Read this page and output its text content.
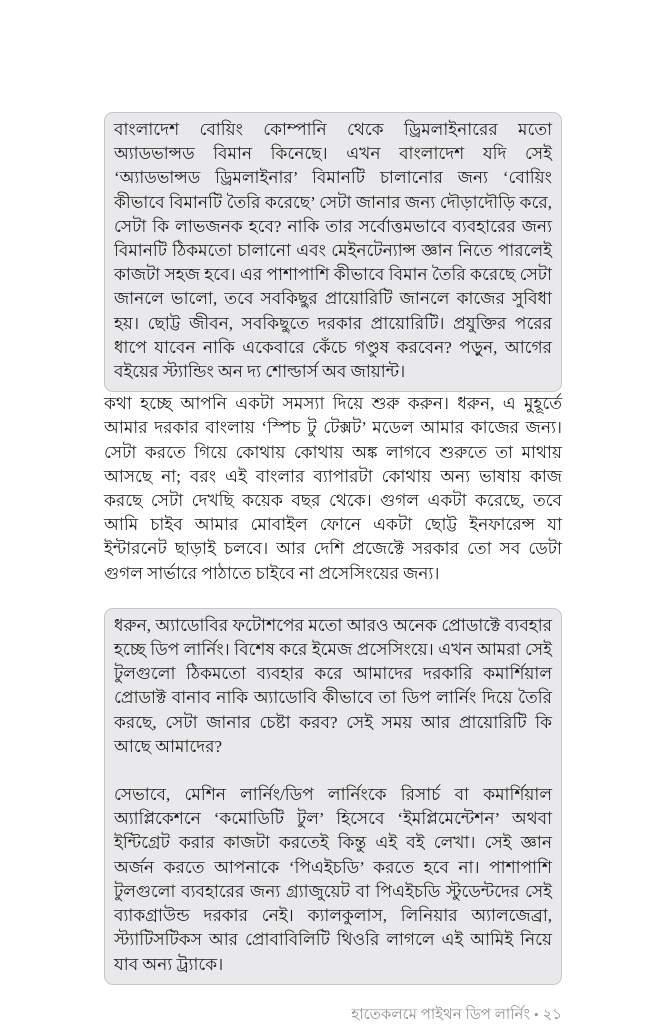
বাংলাদেশ বোয়িং কোম্পানি থেকে ড্রিমলাইনারের মতো অ্যাডভান্সড বিমান কিনেছে। এখন বাংলাদেশ যদি সেই ‘অ্যাডভান্সড ড্রিমলাইনার’ বিমানটি চালানোর জন্য ‘বোয়িং কীভাবে বিমানটি তৈরি করেছে’ সেটা জানার জন্য দৌড়াদৌড়ি করে, সেটা কি লাভজনক হবে? নাকি তার সর্বোত্তমভাবে ব্যবহারের জন্য বিমানটি ঠিকমতো চালানো এবং মেইনটেন্যান্স জ্ঞান নিতে পারলেই কাজটা সহজ হবে। এর পাশাপাশি কীভাবে বিমান তৈরি করেছে সেটা জানলে ভালো, তবে সবকিছুর প্রায়োরিটি জানলে কাজের সুবিধা হয়। ছোট্ট জীবন, সবকিছুতে দরকার প্রায়োরিটি। প্রযুক্তির পরের ধাপে যাবেন নাকি একেবারে কেঁচে গণ্ডুষ করবেন? পড়ুন, আগের বইয়ের স্ট্যান্ডিং অন দ্য শোল্ডার্স অব জায়ান্ট।

কথা হচ্ছে আপনি একটা সমস্যা দিয়ে শুরু করুন। ধরুন, এ মুহূর্তে আমার দরকার বাংলায় ‘স্পিচ টু টেক্সট’ মডেল আমার কাজের জন্য। সেটা করতে গিয়ে কোথায় কোথায় অঙ্ক লাগবে শুরুতে তা মাথায় আসছে না; বরং এই বাংলার ব্যাপারটা কোথায় অন্য ভাষায় কাজ করছে সেটা দেখছি কয়েক বছর থেকে। গুগল একটা করেছে, তবে আমি চাইব আমার মোবাইল ফোনে একটা ছোট্ট ইনফারেন্স যা ইন্টারনেট ছাড়াই চলবে। আর দেশি প্রজেক্টে সরকার তো সব ডেটা গুগল সার্ভারে পাঠাতে চাইবে না প্রসেসিংয়ের জন্য।

ধরুন, অ্যাডোবির ফটোশপের মতো আরও অনেক প্রোডাক্টে ব্যবহার হচ্ছে ডিপ লার্নিং। বিশেষ করে ইমেজ প্রসেসিংয়ে। এখন আমরা সেই টুলগুলো ঠিকমতো ব্যবহার করে আমাদের দরকারি কমার্শিয়াল প্রোডাক্ট বানাব নাকি অ্যাডোবি কীভাবে তা ডিপ লার্নিং দিয়ে তৈরি করছে, সেটা জানার চেষ্টা করব? সেই সময় আর প্রায়োরিটি কি আছে আমাদের?

সেভাবে, মেশিন লার্নিং/ডিপ লার্নিংকে রিসার্চ বা কমার্শিয়াল অ্যাপ্লিকেশনে ‘কমোডিটি টুল’ হিসেবে ‘ইমপ্লিমেন্টেশন’ অথবা ইন্টিগ্রেট করার কাজটা করতেই কিন্তু এই বই লেখা। সেই জ্ঞান অর্জন করতে আপনাকে ‘পিএইচডি’ করতে হবে না। পাশাপাশি টুলগুলো ব্যবহারের জন্য গ্র্যাজুয়েট বা পিএইচডি স্টুডেন্টদের সেই ব্যাকগ্রাউন্ড দরকার নেই। ক্যালকুলাস, লিনিয়ার অ্যালজেব্রা, স্ট্যাটিসটিকস আর প্রোবাবিলিটি থিওরি লাগলে এই আমিই নিয়ে যাব অন্য ট্র্যাকে।

হাতেকলমে পাইথন ডিপ লার্নিং • ২১
